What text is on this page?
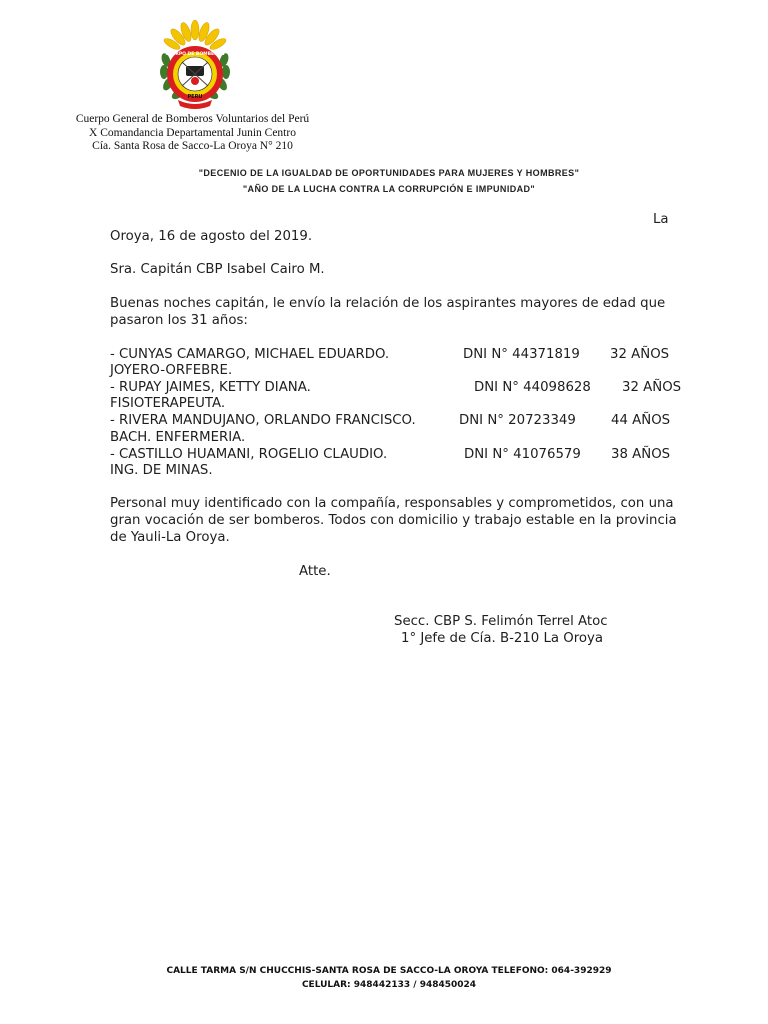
CUERPO DE BOMBEROS
PERU
Cuerpo General de Bomberos Voluntarios del Perú
X Comandancia Departamental Junin Centro
Cía. Santa Rosa de Sacco-La Oroya N° 210
"DECENIO DE LA IGUALDAD DE OPORTUNIDADES PARA MUJERES Y HOMBRES"
"AÑO DE LA LUCHA CONTRA LA CORRUPCIÓN E IMPUNIDAD"
La
Oroya, 16 de agosto del 2019.
Sra. Capitán CBP Isabel Cairo M.
Buenas noches capitán, le envío la relación de los aspirantes mayores de edad que
pasaron los 31 años:
- CUNYAS CAMARGO, MICHAEL EDUARDO.	DNI N° 44371819 32 AÑOS
JOYERO-ORFEBRE.
- RUPAY JAIMES, KETTY DIANA.	DNI N° 44098628 32 AÑOS
FISIOTERAPEUTA.
- RIVERA MANDUJANO, ORLANDO FRANCISCO.	DNI N° 20723349	44 AÑOS
BACH. ENFERMERIA.
- CASTILLO HUAMANI, ROGELIO CLAUDIO.	DNI N° 41076579 38 AÑOS
ING. DE MINAS.
Personal muy identificado con la compañía, responsables y comprometidos, con una
gran vocación de ser bomberos. Todos con domicilio y trabajo estable en la provincia
de Yauli-La Oroya.
Atte.
Secc. CBP S. Felimón Terrel Atoc
1° Jefe de Cía. B-210 La Oroya
CALLE TARMA S/N CHUCCHIS-SANTA ROSA DE SACCO-LA OROYA TELEFONO: 064-392929
CELULAR: 948442133 / 948450024
